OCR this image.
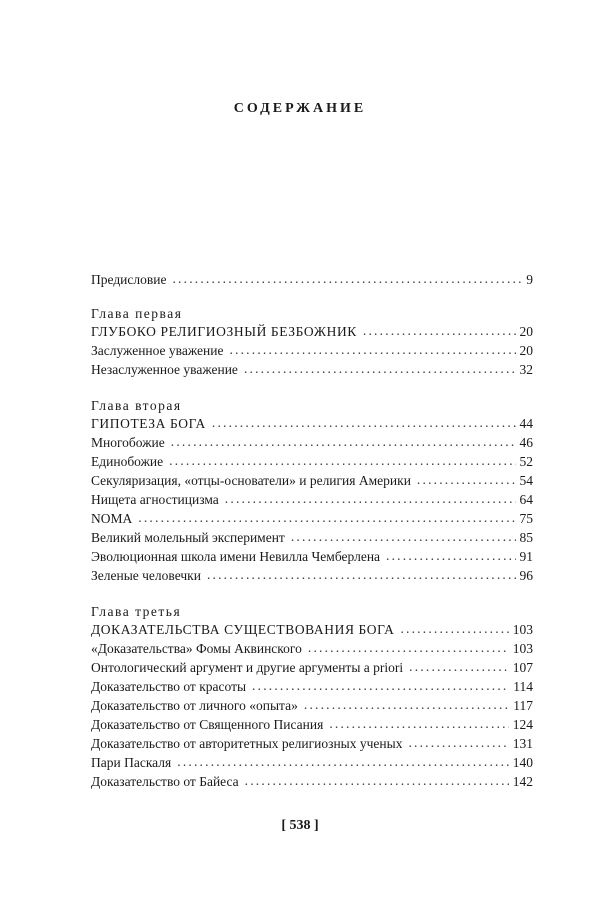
СОДЕРЖАНИЕ
Предисловие .....	9
Глава первая
ГЛУБОКО РЕЛИГИОЗНЫЙ БЕЗБОЖНИК .....	20
Заслуженное уважение .....	20
Незаслуженное уважение .....	32
Глава вторая
ГИПОТЕЗА БОГА .....	44
Многобожие .....	46
Единобожие .....	52
Секуляризация, «отцы-основатели» и религия Америки .....	54
Нищета агностицизма .....	64
NOMA .....	75
Великий молельный эксперимент .....	85
Эволюционная школа имени Невилла Чемберлена .....	91
Зеленые человечки .....	96
Глава третья
ДОКАЗАТЕЛЬСТВА СУЩЕСТВОВАНИЯ БОГА .....	103
«Доказательства» Фомы Аквинского .....	103
Онтологический аргумент и другие аргументы a priori .....	107
Доказательство от красоты .....	114
Доказательство от личного «опыта» .....	117
Доказательство от Священного Писания .....	124
Доказательство от авторитетных религиозных ученых .....	131
Пари Паскаля .....	140
Доказательство от Байеса .....	142
[ 538 ]
